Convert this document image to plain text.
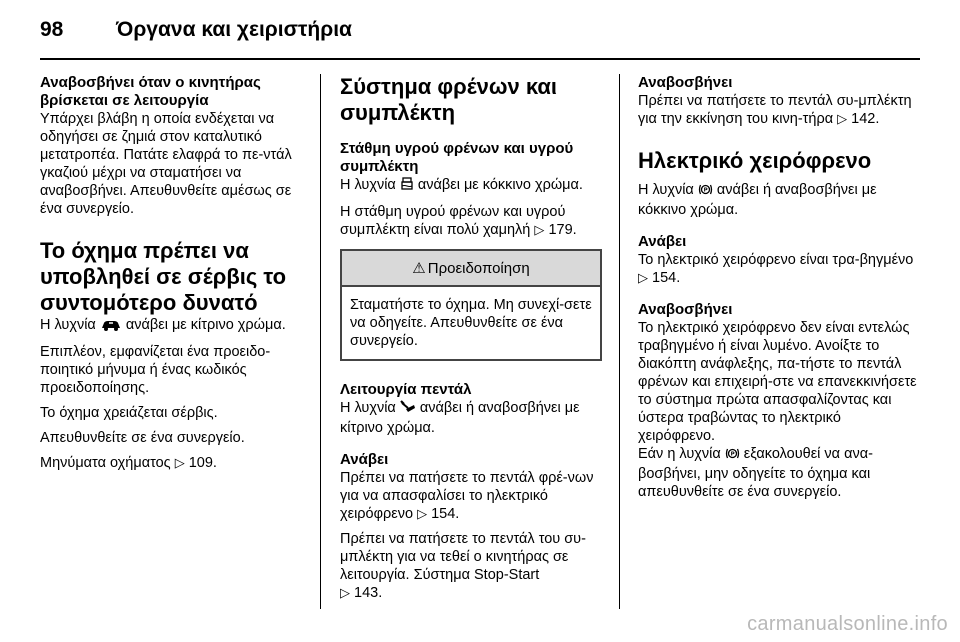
98	Όργανα και χειριστήρια
Αναβοσβήνει όταν ο κινητήρας βρίσκεται σε λειτουργία

Υπάρχει βλάβη η οποία ενδέχεται να οδηγήσει σε ζημιά στον καταλυτικό μετατροπέα. Πατάτε ελαφρά το πε-ντάλ γκαζιού μέχρι να σταματήσει να αναβοσβήνει. Απευθυνθείτε αμέσως σε ένα συνεργείο.

Το όχημα πρέπει να υποβληθεί σε σέρβις το συντομότερο δυνατό

Η λυχνία ανάβει με κίτρινο χρώμα.

Επιπλέον, εμφανίζεται ένα προειδο-ποιητικό μήνυμα ή ένας κωδικός προειδοποίησης.

Το όχημα χρειάζεται σέρβις.

Απευθυνθείτε σε ένα συνεργείο.

Μηνύματα οχήματος ▷ 109.

Σύστημα φρένων και συμπλέκτη
Στάθμη υγρού φρένων και υγρού συμπλέκτη

Η λυχνία ανάβει με κόκκινο χρώμα.

Η στάθμη υγρού φρένων και υγρού συμπλέκτη είναι πολύ χαμηλή ▷ 179.

⚠ Προειδοποίηση
Σταματήστε το όχημα. Μη συνεχί-σετε να οδηγείτε. Απευθυνθείτε σε ένα συνεργείο.
Λειτουργία πεντάλ

Η λυχνία ανάβει ή αναβοσβήνει με κίτρινο χρώμα.

Ανάβει

Πρέπει να πατήσετε το πεντάλ φρέ-νων για να απασφαλίσει το ηλεκτρικό χειρόφρενο ▷ 154.

Πρέπει να πατήσετε το πεντάλ του συ-μπλέκτη για να τεθεί ο κινητήρας σε λειτουργία. Σύστημα Stop-Start
▷ 143.

Αναβοσβήνει

Πρέπει να πατήσετε το πεντάλ συ-μπλέκτη για την εκκίνηση του κινη-τήρα ▷ 142.

Ηλεκτρικό χειρόφρενο

Η λυχνία P ανάβει ή αναβοσβήνει με κόκκινο χρώμα.

Ανάβει

Το ηλεκτρικό χειρόφρενο είναι τρα-βηγμένο ▷ 154.

Αναβοσβήνει

Το ηλεκτρικό χειρόφρενο δεν είναι εντελώς τραβηγμένο ή είναι λυμένο. Ανοίξτε το διακόπτη ανάφλεξης, πα-τήστε το πεντάλ φρένων και επιχειρή-στε να επανεκκινήσετε το σύστημα πρώτα απασφαλίζοντας και ύστερα τραβώντας το ηλεκτρικό χειρόφρενο.

Εάν η λυχνία P εξακολουθεί να ανα-βοσβήνει, μην οδηγείτε το όχημα και απευθυνθείτε σε ένα συνεργείο.

carmanualsonline.info
